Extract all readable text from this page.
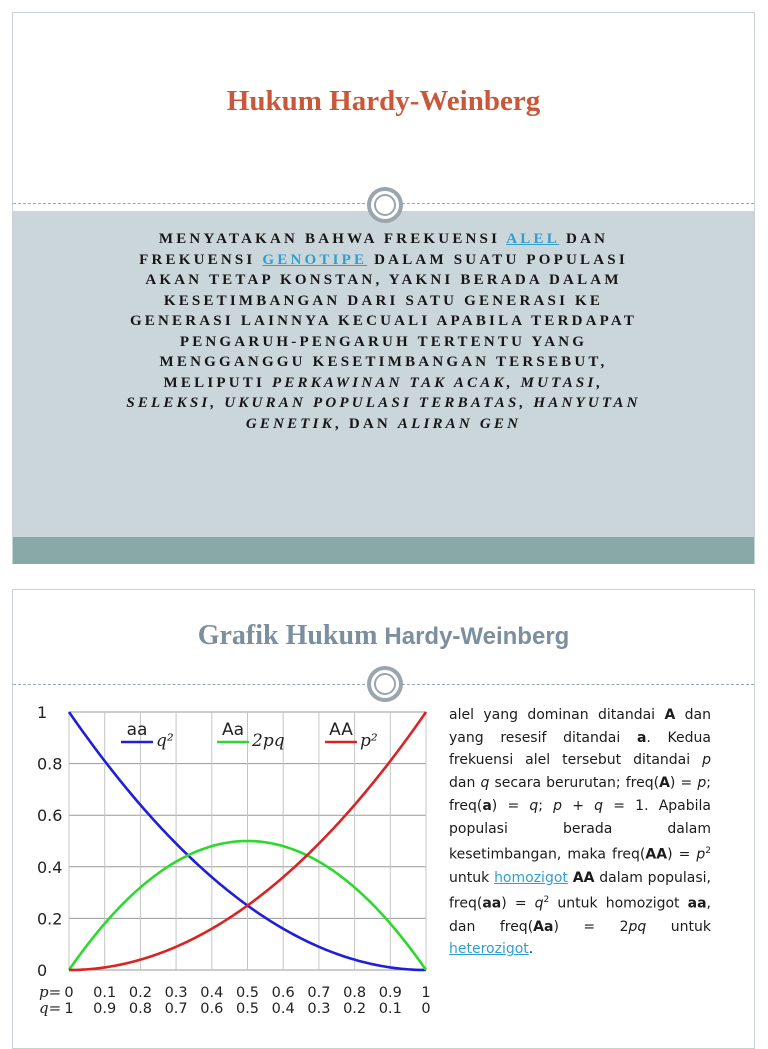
Hukum Hardy-Weinberg
MENYATAKAN BAHWA FREKUENSI ALEL DAN FREKUENSI GENOTIPE DALAM SUATU POPULASI AKAN TETAP KONSTAN, YAKNI BERADA DALAM KESETIMBANGAN DARI SATU GENERASI KE GENERASI LAINNYA KECUALI APABILA TERDAPAT PENGARUH-PENGARUH TERTENTU YANG MENGGANGGU KESETIMBANGAN TERSEBUT, MELIPUTI PERKAWINAN TAK ACAK, MUTASI, SELEKSI, UKURAN POPULASI TERBATAS, HANYUTAN GENETIK, DAN ALIRAN GEN
Grafik Hukum Hardy-Weinberg
0
0.2
0.4
0.6
0.8
1
p=
q=
0
1
0.1
0.9
0.2
0.8
0.3
0.7
0.4
0.6
0.5
0.5
0.6
0.4
0.7
0.3
0.8
0.2
0.9
0.1
1
0
aa
q²
Aa
2pq
AA
p²
alel yang dominan ditandai A dan yang resesif ditandai a. Kedua frekuensi alel tersebut ditandai p dan q secara berurutan; freq(A) = p; freq(a) = q; p + q = 1. Apabila populasi berada dalam kesetimbangan, maka freq(AA) = $p^2$ untuk homozigot AA dalam populasi, freq(aa) = $q^2$ untuk homozigot aa, dan freq(Aa) = 2pq untuk heterozigot.
